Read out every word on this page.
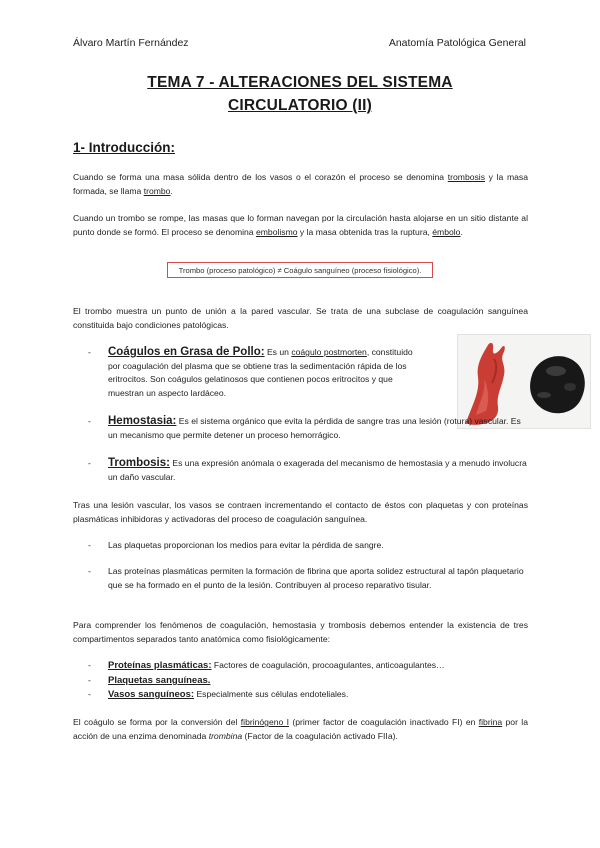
Álvaro Martín Fernández	Anatomía Patológica General
TEMA 7 - ALTERACIONES DEL SISTEMA
CIRCULATORIO (II)
1- Introducción:
Cuando se forma una masa sólida dentro de los vasos o el corazón el proceso se denomina trombosis y la masa formada, se llama trombo.
Cuando un trombo se rompe, las masas que lo forman navegan por la circulación hasta alojarse en un sitio distante al punto donde se formó. El proceso se denomina embolismo y la masa obtenida tras la ruptura, émbolo.
Trombo (proceso patológico) ≠ Coágulo sanguíneo (proceso fisiológico).
El trombo muestra un punto de unión a la pared vascular. Se trata de una subclase de coagulación sanguínea constituida bajo condiciones patológicas.
- Coágulos en Grasa de Pollo: Es un coágulo postmorten, constituido por coagulación del plasma que se obtiene tras la sedimentación rápida de los eritrocitos. Son coágulos gelatinosos que contienen pocos eritrocitos y que muestran un aspecto lardáceo.
- Hemostasia: Es el sistema orgánico que evita la pérdida de sangre tras una lesión (rotura) vascular. Es un mecanismo que permite detener un proceso hemorrágico.
- Trombosis: Es una expresión anómala o exagerada del mecanismo de hemostasia y a menudo involucra un daño vascular.
Tras una lesión vascular, los vasos se contraen incrementando el contacto de éstos con plaquetas y con proteínas plasmáticas inhibidoras y activadoras del proceso de coagulación sanguínea.
- Las plaquetas proporcionan los medios para evitar la pérdida de sangre.
- Las proteínas plasmáticas permiten la formación de fibrina que aporta solidez estructural al tapón plaquetario que se ha formado en el punto de la lesión. Contribuyen al proceso reparativo tisular.
Para comprender los fenómenos de coagulación, hemostasia y trombosis debemos entender la existencia de tres compartimentos separados tanto anatómica como fisiológicamente:
- Proteínas plasmáticas: Factores de coagulación, procoagulantes, anticoagulantes…
- Plaquetas sanguíneas.
- Vasos sanguíneos: Especialmente sus células endoteliales.
El coágulo se forma por la conversión del fibrinógeno I (primer factor de coagulación inactivado FI) en fibrina por la acción de una enzima denominada trombina (Factor de la coagulación activado FIIa).
